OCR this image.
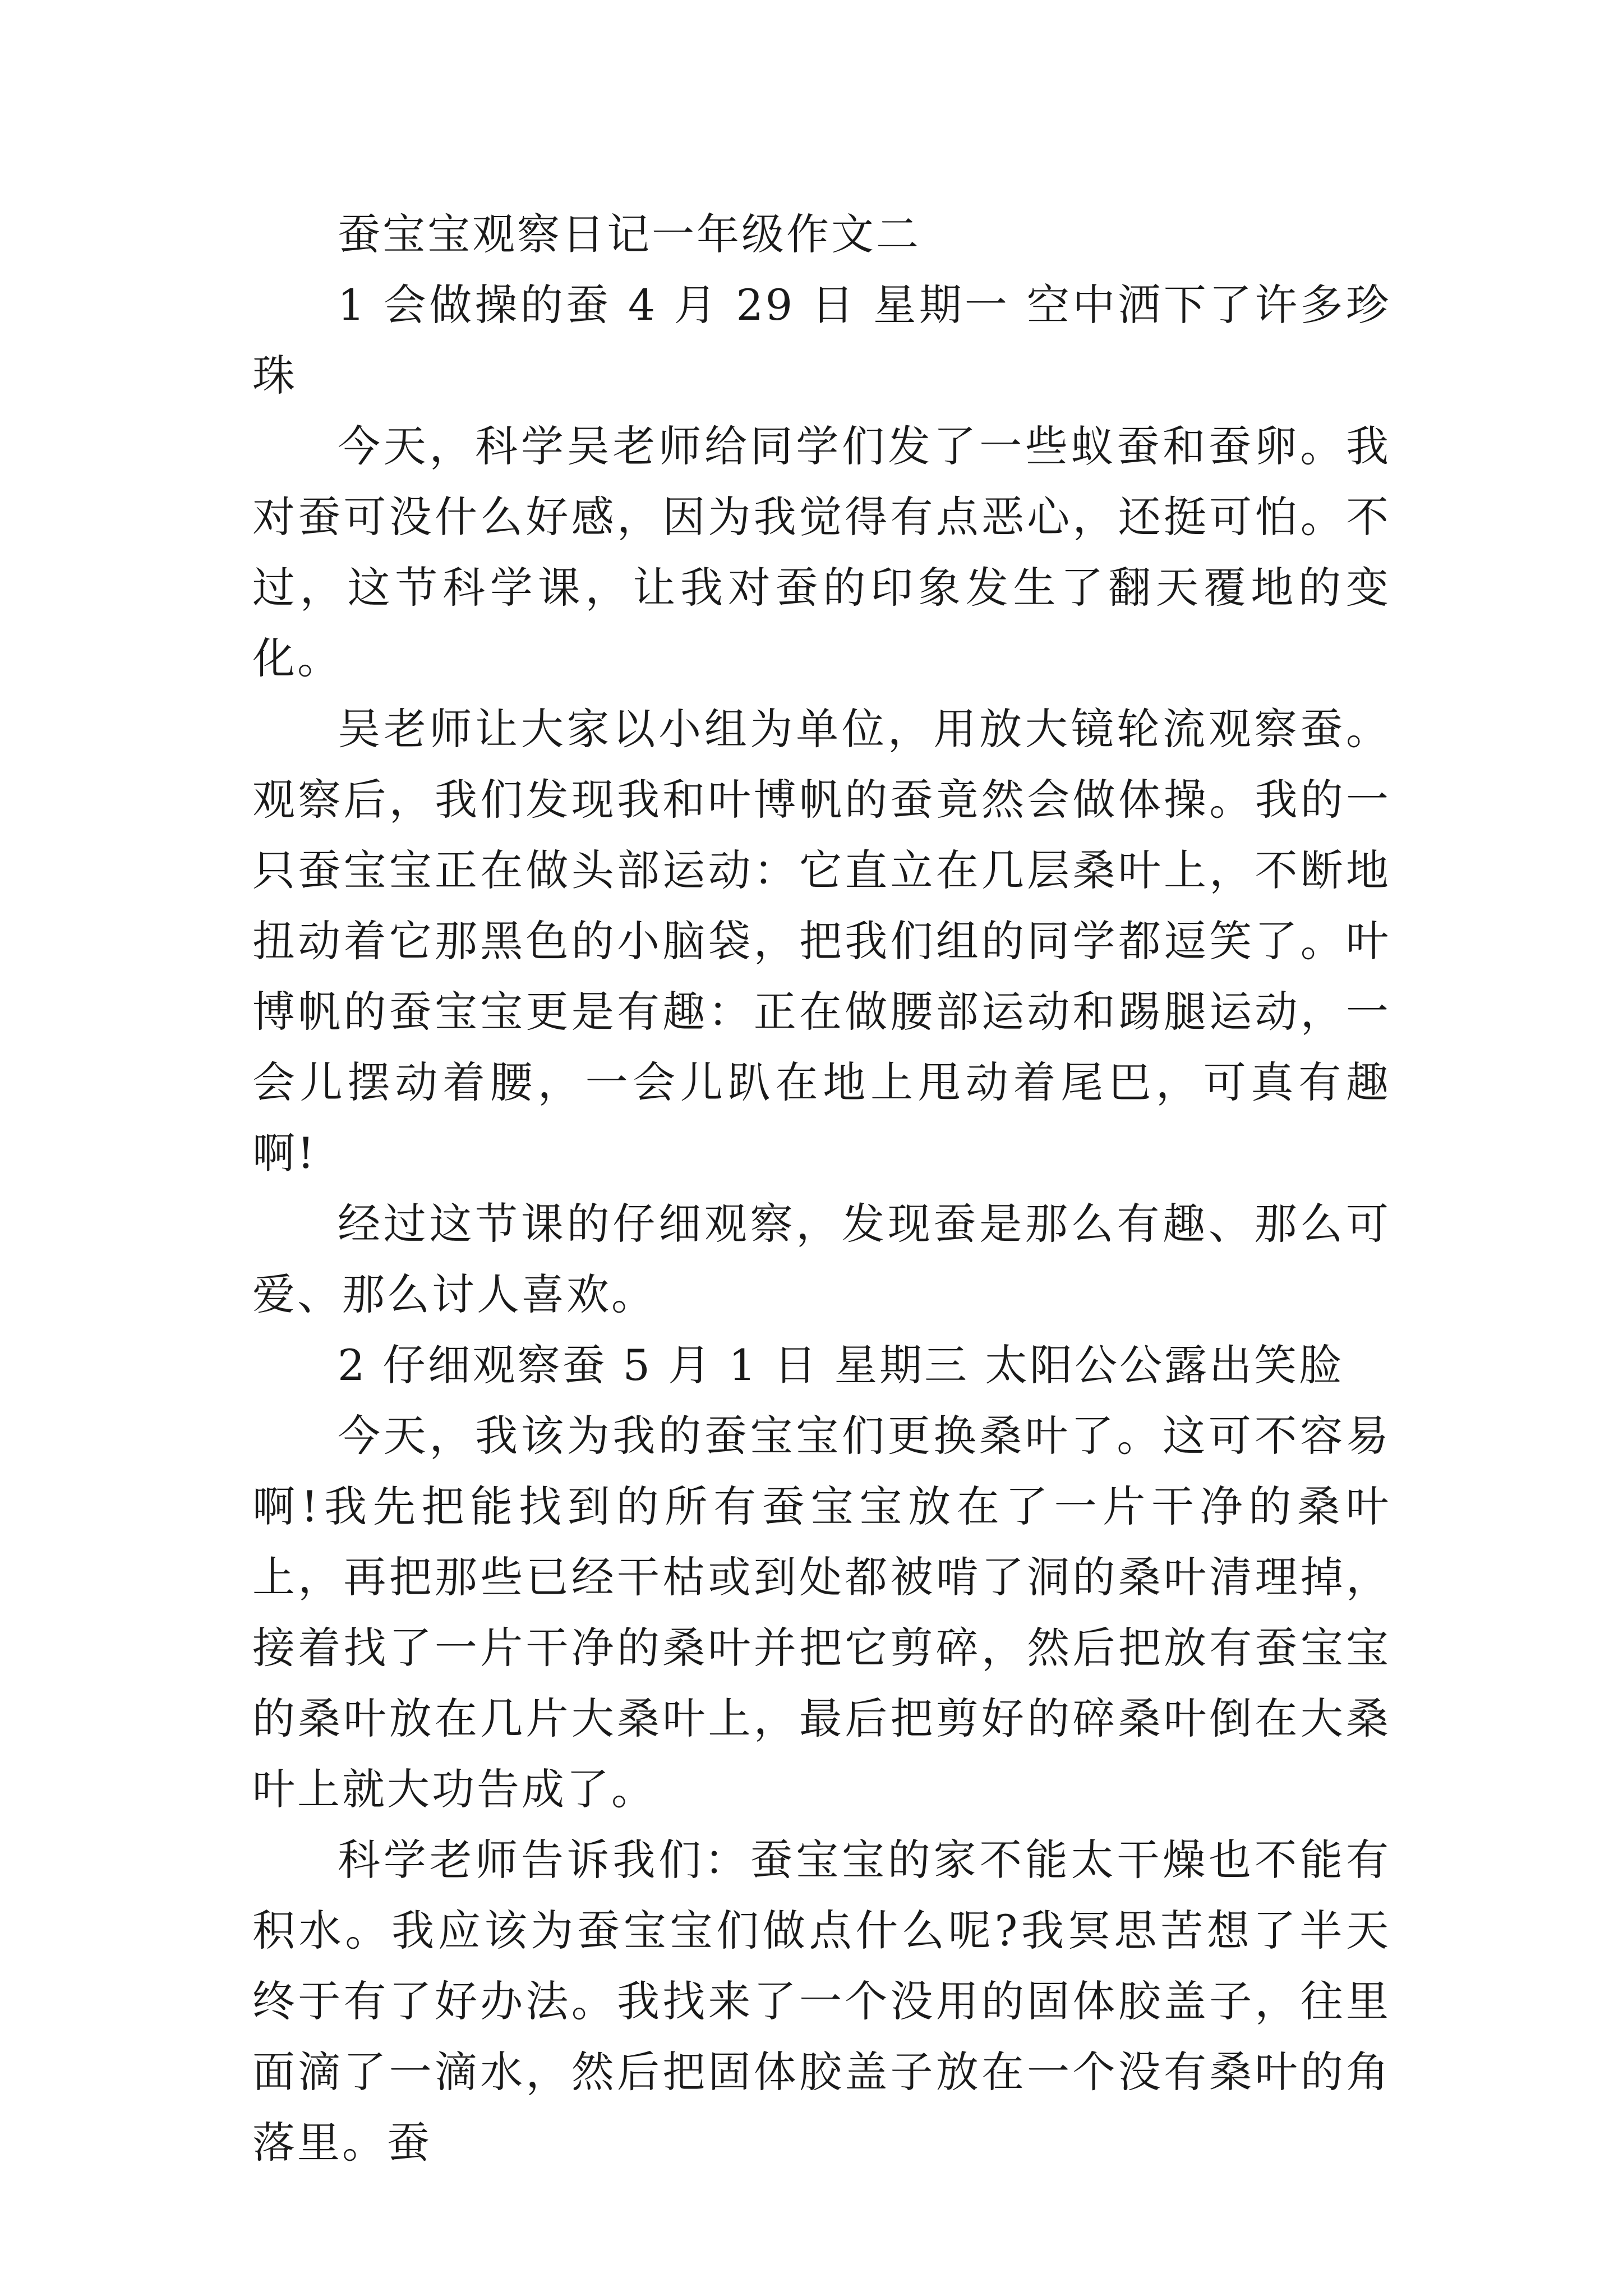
蚕宝宝观察日记一年级作文二

1 会做操的蚕 4 月 29 日 星期一 空中洒下了许多珍珠

今天，科学吴老师给同学们发了一些蚁蚕和蚕卵。我对蚕可没什么好感，因为我觉得有点恶心，还挺可怕。不过，这节科学课，让我对蚕的印象发生了翻天覆地的变化。

吴老师让大家以小组为单位，用放大镜轮流观察蚕。观察后，我们发现我和叶博帆的蚕竟然会做体操。我的一只蚕宝宝正在做头部运动：它直立在几层桑叶上，不断地扭动着它那黑色的小脑袋，把我们组的同学都逗笑了。叶博帆的蚕宝宝更是有趣：正在做腰部运动和踢腿运动，一会儿摆动着腰，一会儿趴在地上甩动着尾巴，可真有趣啊!

经过这节课的仔细观察，发现蚕是那么有趣、那么可爱、那么讨人喜欢。

2 仔细观察蚕 5 月 1 日 星期三 太阳公公露出笑脸

今天，我该为我的蚕宝宝们更换桑叶了。这可不容易啊!我先把能找到的所有蚕宝宝放在了一片干净的桑叶上，再把那些已经干枯或到处都被啃了洞的桑叶清理掉，接着找了一片干净的桑叶并把它剪碎，然后把放有蚕宝宝的桑叶放在几片大桑叶上，最后把剪好的碎桑叶倒在大桑叶上就大功告成了。

科学老师告诉我们：蚕宝宝的家不能太干燥也不能有积水。我应该为蚕宝宝们做点什么呢?我冥思苦想了半天终于有了好办法。我找来了一个没用的固体胶盖子，往里面滴了一滴水，然后把固体胶盖子放在一个没有桑叶的角落里。蚕
